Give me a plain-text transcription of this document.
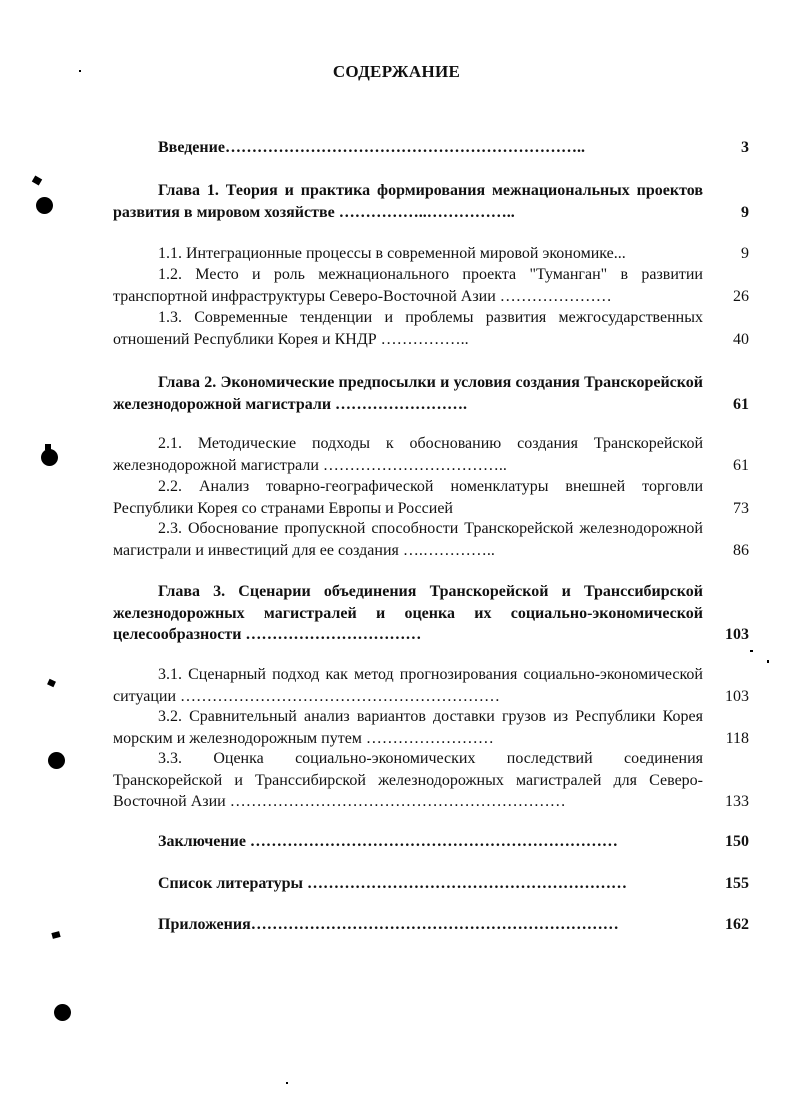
СОДЕРЖАНИЕ
Введение…………………………………………………………..	3
Глава 1. Теория и практика формирования межнациональных проектов развития в мировом хозяйстве ……………..……………..	9
1.1. Интеграционные процессы в современной мировой экономике...	9
1.2. Место и роль межнационального проекта "Туманган" в развитии транспортной инфраструктуры Северо-Восточной Азии …………………	26
1.3. Современные тенденции и проблемы развития межгосударственных отношений Республики Корея и КНДР ……………..	40
Глава 2. Экономические предпосылки и условия создания Транскорейской железнодорожной магистрали …………………….	61
2.1. Методические подходы к обоснованию создания Транскорейской железнодорожной магистрали ……………………………..	61
2.2. Анализ товарно-географической номенклатуры внешней торговли Республики Корея со странами Европы и Россией	73
2.3. Обоснование пропускной способности Транскорейской железнодорожной магистрали и инвестиций для ее создания ….…………..	86
Глава 3. Сценарии объединения Транскорейской и Транссибирской железнодорожных магистралей и оценка их социально-экономической целесообразности ……………………………	103
3.1. Сценарный подход как метод прогнозирования социально-экономической ситуации ……………………………………………………	103
3.2. Сравнительный анализ вариантов доставки грузов из Республики Корея морским и железнодорожным путем ……………………	118
3.3. Оценка социально-экономических последствий соединения Транскорейской и Транссибирской железнодорожных магистралей для Северо-Восточной Азии ………………………………………………………	133
Заключение ……………………………………………………………	150
Список литературы ……………………………………………………	155
Приложения……………………………………………………………	162
